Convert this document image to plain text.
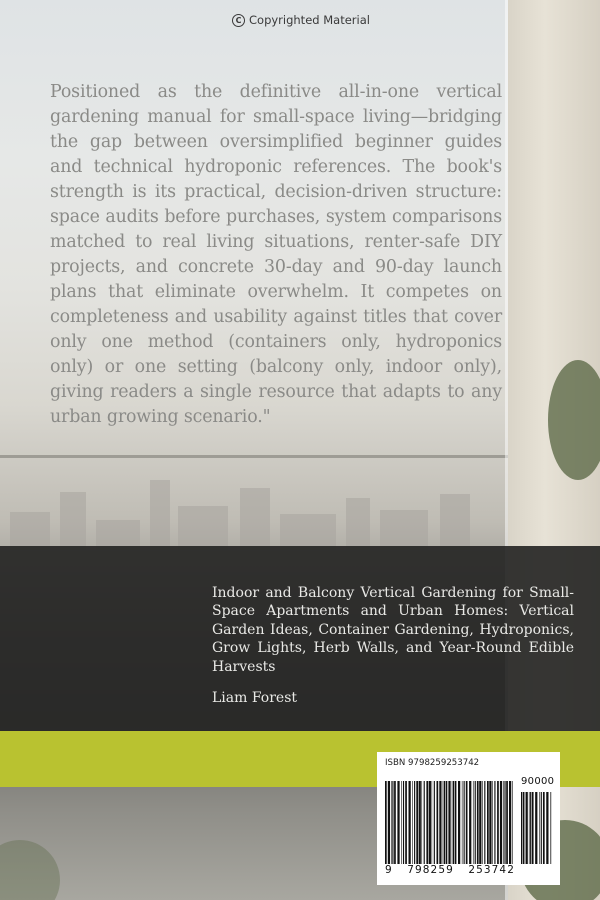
C Copyrighted Material

Positioned as the definitive all-in-one vertical gardening manual for small-space living—bridging the gap between oversimplified beginner guides and technical hydroponic references. The book's strength is its practical, decision-driven structure: space audits before purchases, system comparisons matched to real living situations, renter-safe DIY projects, and concrete 30-day and 90-day launch plans that eliminate overwhelm. It competes on completeness and usability against titles that cover only one method (containers only, hydroponics only) or one setting (balcony only, indoor only), giving readers a single resource that adapts to any urban growing scenario."

Indoor and Balcony Vertical Gardening for Small-Space Apartments and Urban Homes: Vertical Garden Ideas, Container Gardening, Hydroponics, Grow Lights, Herb Walls, and Year-Round Edible Harvests

Liam Forest

ISBN 9798259253742

90000
9 798259 253742
